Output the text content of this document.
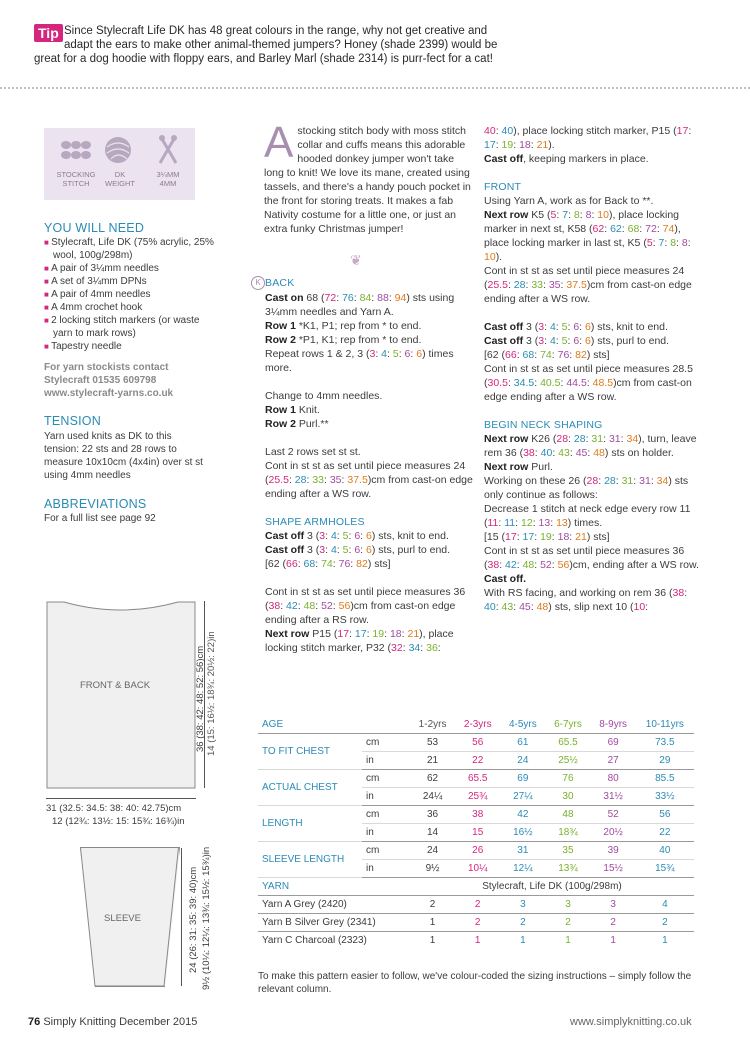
Tip Since Stylecraft Life DK has 48 great colours in the range, why not get creative and
adapt the ears to make other animal-themed jumpers? Honey (shade 2399) would be
great for a dog hoodie with floppy ears, and Barley Marl (shade 2314) is purr-fect for a cat!
STOCKING
STITCH
DK
WEIGHT
3¼MM
4MM
YOU WILL NEED
■ Stylecraft, Life DK (75% acrylic, 25% wool, 100g/298m)
■ A pair of 3¼mm needles
■ A set of 3¼mm DPNs
■ A pair of 4mm needles
■ A 4mm crochet hook
■ 2 locking stitch markers (or waste yarn to mark rows)
■ Tapestry needle
For yarn stockists contact
Stylecraft 01535 609798
www.stylecraft-yarns.co.uk
TENSION
Yarn used knits as DK to this tension: 22 sts and 28 rows to measure 10x10cm (4x4in) over st st using 4mm needles
ABBREVIATIONS
For a full list see page 92
FRONT & BACK	36 (38: 42: 48: 52: 56)cm 14 (15: 16½: 18¾: 20½: 22)in
31 (32.5: 34.5: 38: 40: 42.75)cm
12 (12¾: 13½: 15: 15¾: 16¾)in
SLEEVE	24 (26: 31: 35: 39: 40)cm 9½ (10¼: 12¼: 13¾: 15½: 15¾)in
A stocking stitch body with moss stitch collar and cuffs means this adorable hooded donkey jumper won't take long to knit! We love its mane, created using tassels, and there's a handy pouch pocket in the front for storing treats. It makes a fab Nativity costume for a little one, or just an extra funky Christmas jumper!
❦
K BACK

Cast on 68 (72: 76: 84: 88: 94) sts using 3¼mm needles and Yarn A.

Row 1 *K1, P1; rep from * to end.

Row 2 *P1, K1; rep from * to end.

Repeat rows 1 & 2, 3 (3: 4: 5: 6: 6) times more.

Change to 4mm needles.

Row 1 Knit.

Row 2 Purl.**

Last 2 rows set st st.

Cont in st st as set until piece measures 24 (25.5: 28: 33: 35: 37.5)cm from cast-on edge ending after a WS row.

SHAPE ARMHOLES

Cast off 3 (3: 4: 5: 6: 6) sts, knit to end.

Cast off 3 (3: 4: 5: 6: 6) sts, purl to end.

[62 (66: 68: 74: 76: 82) sts]

Cont in st st as set until piece measures 36 (38: 42: 48: 52: 56)cm from cast-on edge ending after a RS row.

Next row P15 (17: 17: 19: 18: 21), place locking stitch marker, P32 (32: 34: 36:

40: 40), place locking stitch marker, P15 (17: 17: 19: 18: 21).

Cast off, keeping markers in place.

FRONT

Using Yarn A, work as for Back to **.

Next row K5 (5: 7: 8: 8: 10), place locking marker in next st, K58 (62: 62: 68: 72: 74), place locking marker in last st, K5 (5: 7: 8: 8: 10).

Cont in st st as set until piece measures 24 (25.5: 28: 33: 35: 37.5)cm from cast-on edge ending after a WS row.

Cast off 3 (3: 4: 5: 6: 6) sts, knit to end.

Cast off 3 (3: 4: 5: 6: 6) sts, purl to end.

[62 (66: 68: 74: 76: 82) sts]

Cont in st st as set until piece measures 28.5 (30.5: 34.5: 40.5: 44.5: 48.5)cm from cast-on edge ending after a WS row.

BEGIN NECK SHAPING

Next row K26 (28: 28: 31: 31: 34), turn, leave rem 36 (38: 40: 43: 45: 48) sts on holder.

Next row Purl.

Working on these 26 (28: 28: 31: 31: 34) sts only continue as follows:

Decrease 1 stitch at neck edge every row 11 (11: 11: 12: 13: 13) times.

[15 (17: 17: 19: 18: 21) sts]

Cont in st st as set until piece measures 36 (38: 42: 48: 52: 56)cm, ending after a WS row.

Cast off.

With RS facing, and working on rem 36 (38: 40: 43: 45: 48) sts, slip next 10 (10:

AGE		1-2yrs	2-3yrs	4-5yrs	6-7yrs	8-9yrs	10-11yrs
TO FIT CHEST	cm	53	56	61	65.5	69	73.5
	in	21	22	24	25½	27	29
ACTUAL CHEST	cm	62	65.5	69	76	80	85.5
	in	24¼	25¾	27¼	30	31½	33½
LENGTH	cm	36	38	42	48	52	56
	in	14	15	16½	18¾	20½	22
SLEEVE LENGTH	cm	24	26	31	35	39	40
	in	9½	10¼	12¼	13¾	15½	15¾
YARN		Stylecraft, Life DK (100g/298m)					
Yarn A Grey (2420)		2	2	3	3	3	4
Yarn B Silver Grey (2341)		1	2	2	2	2	2
Yarn C Charcoal (2323)		1	1	1	1	1	1
To make this pattern easier to follow, we've colour-coded the sizing instructions – simply follow the relevant column.
76 Simply Knitting December 2015	www.simplyknitting.co.uk
